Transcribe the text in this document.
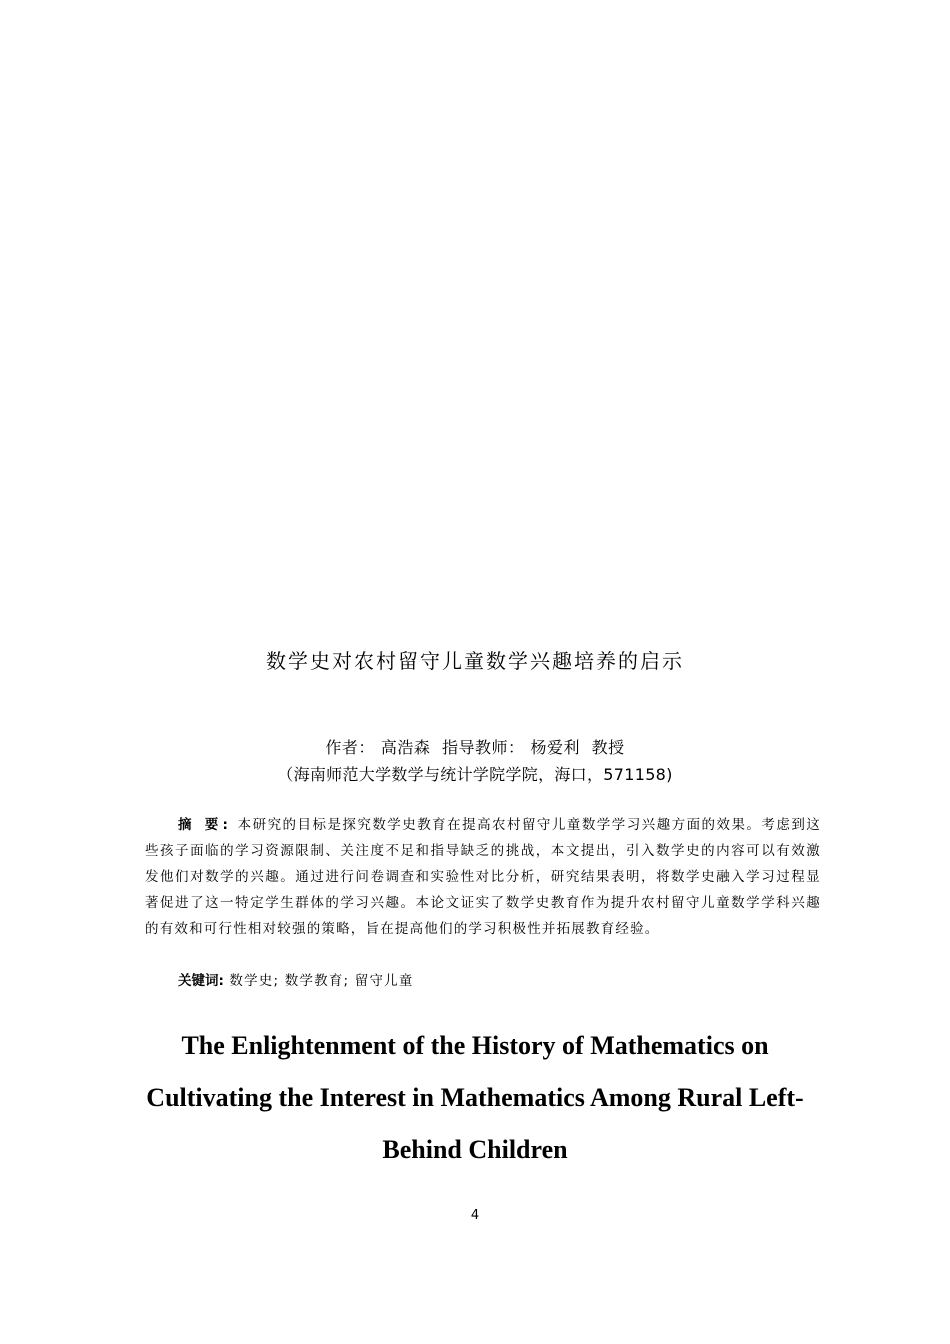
数学史对农村留守儿童数学兴趣培养的启示
作者： 高浩森 指导教师： 杨爱利 教授
（海南师范大学数学与统计学院学院，海口，571158)
摘 要: 本研究的目标是探究数学史教育在提高农村留守儿童数学学习兴趣方面的效果。考虑到这些孩子面临的学习资源限制、关注度不足和指导缺乏的挑战，本文提出，引入数学史的内容可以有效激发他们对数学的兴趣。通过进行问卷调查和实验性对比分析，研究结果表明，将数学史融入学习过程显著促进了这一特定学生群体的学习兴趣。本论文证实了数学史教育作为提升农村留守儿童数学学科兴趣的有效和可行性相对较强的策略，旨在提高他们的学习积极性并拓展教育经验。
关键词: 数学史; 数学教育; 留守儿童
The Enlightenment of the History of Mathematics on Cultivating the Interest in Mathematics Among Rural Left-Behind Children
4
